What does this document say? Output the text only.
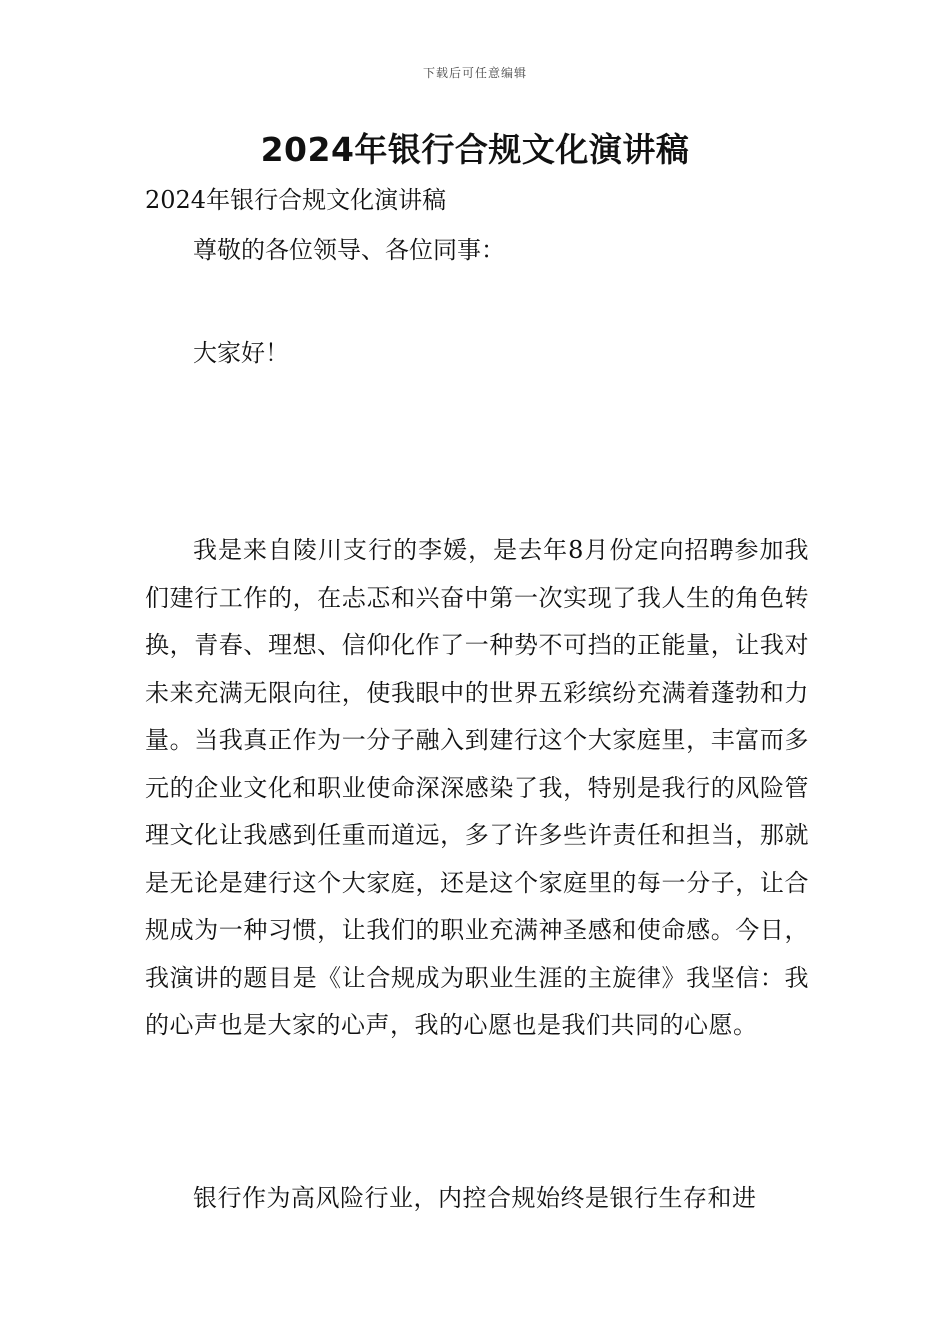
下载后可任意编辑
2024年银行合规文化演讲稿
2024年银行合规文化演讲稿
尊敬的各位领导、各位同事：
大家好！
我是来自陵川支行的李媛，是去年8月份定向招聘参加我们建行工作的，在忐忑和兴奋中第一次实现了我人生的角色转换，青春、理想、信仰化作了一种势不可挡的正能量，让我对未来充满无限向往，使我眼中的世界五彩缤纷充满着蓬勃和力量。当我真正作为一分子融入到建行这个大家庭里，丰富而多元的企业文化和职业使命深深感染了我，特别是我行的风险管理文化让我感到任重而道远，多了许多些许责任和担当，那就是无论是建行这个大家庭，还是这个家庭里的每一分子，让合规成为一种习惯，让我们的职业充满神圣感和使命感。今日，我演讲的题目是《让合规成为职业生涯的主旋律》我坚信：我的心声也是大家的心声，我的心愿也是我们共同的心愿。
银行作为高风险行业，内控合规始终是银行生存和进
